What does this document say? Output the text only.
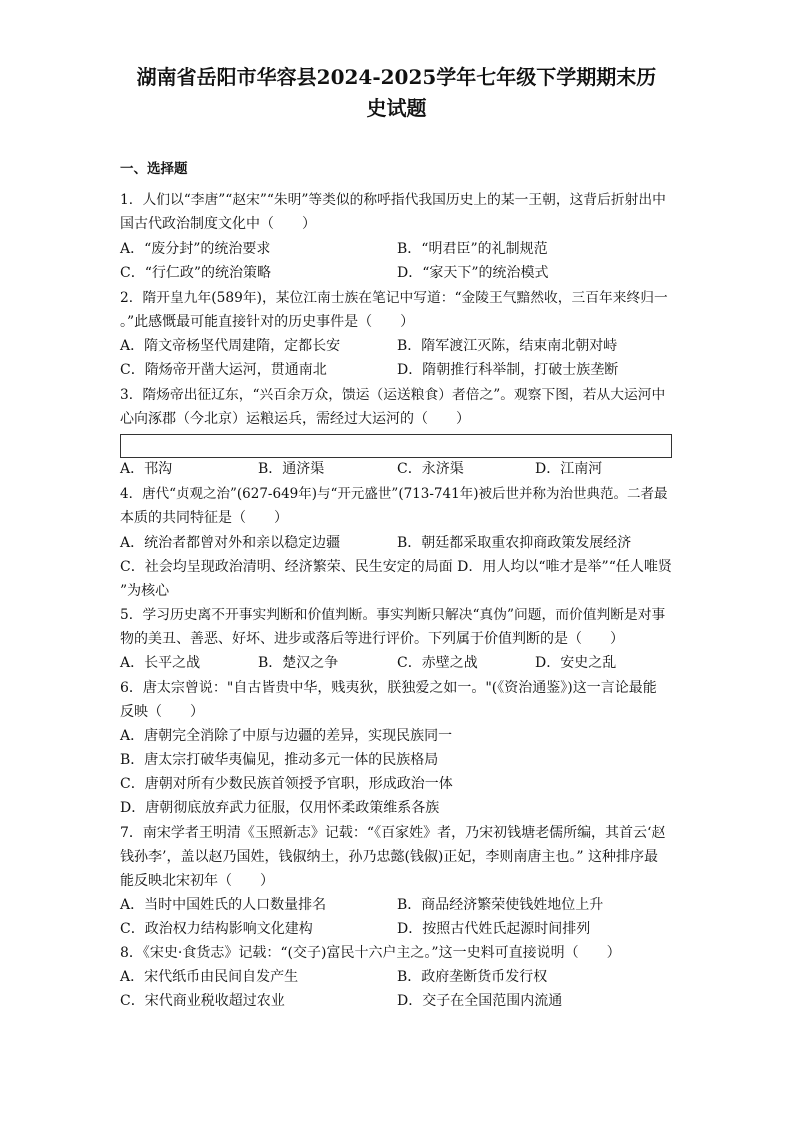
湖南省岳阳市华容县2024-2025学年七年级下学期期末历
史试题
一、选择题
1．人们以“李唐”“赵宋”“朱明”等类似的称呼指代我国历史上的某一王朝，这背后折射出中
国古代政治制度文化中（　　）
A．“废分封”的统治要求	B．“明君臣”的礼制规范
C．“行仁政”的统治策略	D．“家天下”的统治模式
2．隋开皇九年(589年)，某位江南士族在笔记中写道：“金陵王气黯然收，三百年来终归一
。”此感慨最可能直接针对的历史事件是（　　）
A．隋文帝杨坚代周建隋，定都长安	B．隋军渡江灭陈，结束南北朝对峙
C．隋炀帝开凿大运河，贯通南北	D．隋朝推行科举制，打破士族垄断
3．隋炀帝出征辽东，“兴百余万众，馈运（运送粮食）者倍之”。观察下图，若从大运河中
心向涿郡（今北京）运粮运兵，需经过大运河的（　　）
A．邗沟	B．通济渠	C．永济渠	D．江南河
4．唐代“贞观之治”(627-649年)与“开元盛世”(713-741年)被后世并称为治世典范。二者最
本质的共同特征是（　　）
A．统治者都曾对外和亲以稳定边疆	B．朝廷都采取重农抑商政策发展经济
C．社会均呈现政治清明、经济繁荣、民生安定的局面 D．用人均以“唯才是举”“任人唯贤
”为核心
5．学习历史离不开事实判断和价值判断。事实判断只解决“真伪”问题，而价值判断是对事
物的美丑、善恶、好坏、进步或落后等进行评价。下列属于价值判断的是（　　）
A．长平之战	B．楚汉之争	C．赤壁之战	D．安史之乱
6．唐太宗曾说："自古皆贵中华，贱夷狄，朕独爱之如一。"(《资治通鉴》)这一言论最能
反映（　　）
A．唐朝完全消除了中原与边疆的差异，实现民族同一
B．唐太宗打破华夷偏见，推动多元一体的民族格局
C．唐朝对所有少数民族首领授予官职，形成政治一体
D．唐朝彻底放弃武力征服，仅用怀柔政策维系各族
7．南宋学者王明清《玉照新志》记载：“《百家姓》者，乃宋初钱塘老儒所编，其首云‘赵
钱孙李’，盖以赵乃国姓，钱俶纳土，孙乃忠懿(钱俶)正妃，李则南唐主也。” 这种排序最
能反映北宋初年（　　）
A．当时中国姓氏的人口数量排名	B．商品经济繁荣使钱姓地位上升
C．政治权力结构影响文化建构	D．按照古代姓氏起源时间排列
8．《宋史·食货志》记载：“(交子)富民十六户主之。”这一史料可直接说明（　　）
A．宋代纸币由民间自发产生	B．政府垄断货币发行权
C．宋代商业税收超过农业	D．交子在全国范围内流通
